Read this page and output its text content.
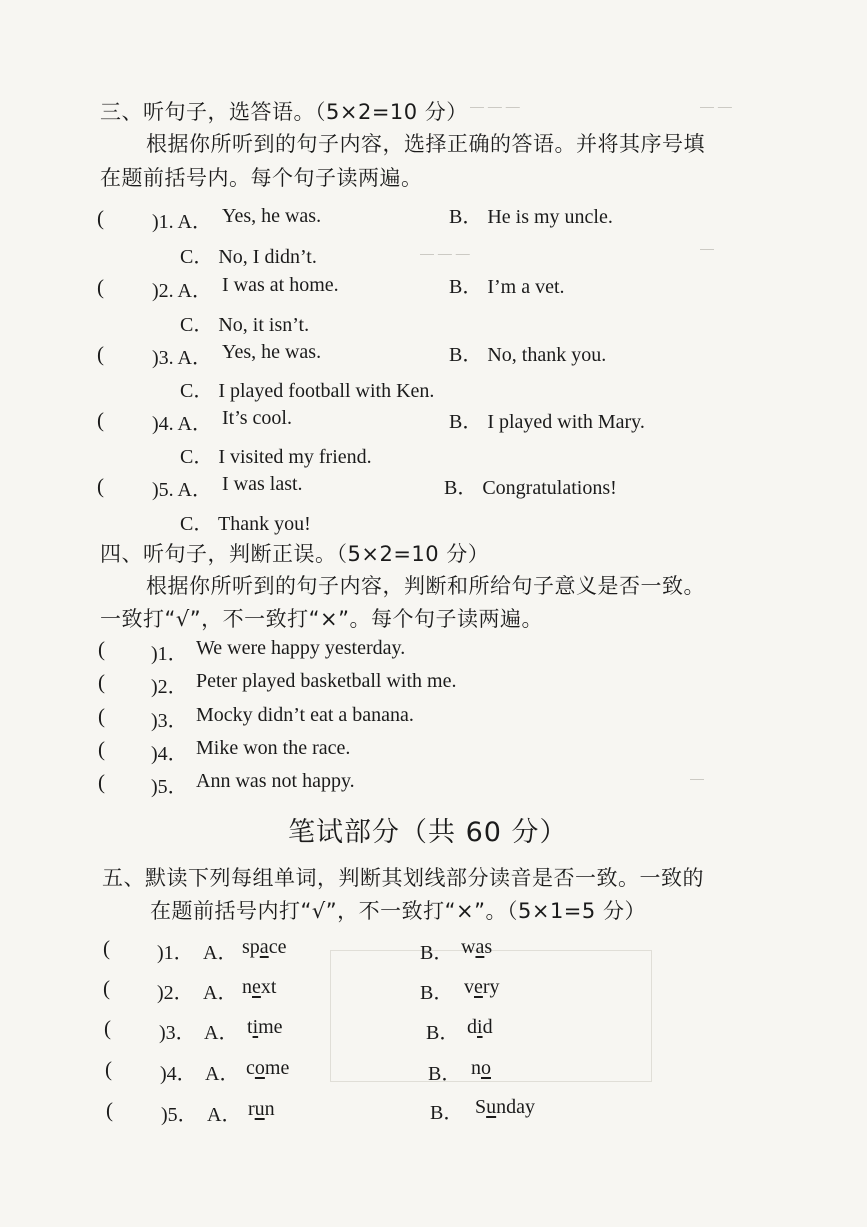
— — —	— —
— — —	—
—
三、听句子，选答语。（5×2=10 分）
根据你所听到的句子内容，选择正确的答语。并将其序号填
在题前括号内。每个句子读两遍。
( )1. A． Yes, he was.	B． He is my uncle.
C． No, I didn’t.
( )2. A． I was at home.	B． I’m a vet.
C． No, it isn’t.
( )3. A． Yes, he was.	B． No, thank you.
C． I played football with Ken.
( )4. A． It’s cool.	B． I played with Mary.
C． I visited my friend.
( )5. A． I was last.	B． Congratulations!
C． Thank you!
四、听句子，判断正误。（5×2=10 分）
根据你所听到的句子内容，判断和所给句子意义是否一致。
一致打“√”，不一致打“×”。每个句子读两遍。
( )1． We were happy yesterday.
( )2． Peter played basketball with me.
( )3． Mocky didn’t eat a banana.
( )4． Mike won the race.
( )5． Ann was not happy.
笔试部分（共 60 分）
五、默读下列每组单词，判断其划线部分读音是否一致。一致的
在题前括号内打“√”，不一致打“×”。（5×1=5 分）
( )1． A． space	B． was
( )2． A． next	B． very
( )3． A． time	B． did
( )4． A． come	B． no
( )5． A． run	B． Sunday
